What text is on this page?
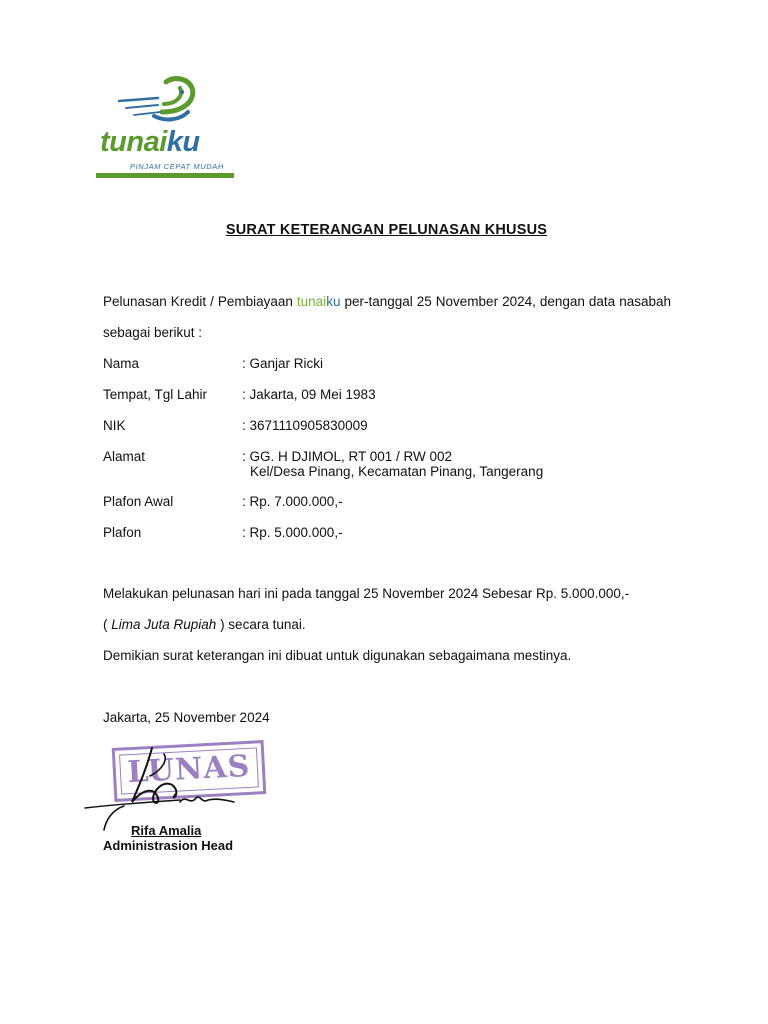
tunaiku
PINJAM CEPAT MUDAH
SURAT KETERANGAN PELUNASAN KHUSUS
Pelunasan Kredit / Pembiayaan tunaiku per-tanggal 25 November 2024, dengan data nasabah sebagai berikut :
Nama	: Ganjar Ricki
Tempat, Tgl Lahir	: Jakarta, 09 Mei 1983
NIK	: 3671110905830009
Alamat	: GG. H DJIMOL, RT 001 / RW 002
Kel/Desa Pinang, Kecamatan Pinang, Tangerang
Plafon Awal	: Rp. 7.000.000,-
Plafon	: Rp. 5.000.000,-
Melakukan pelunasan hari ini pada tanggal 25 November 2024 Sebesar Rp. 5.000.000,-
( Lima Juta Rupiah ) secara tunai.
Demikian surat keterangan ini dibuat untuk digunakan sebagaimana mestinya.
Jakarta, 25 November 2024
LUNAS
Rifa Amalia
Administrasion Head
